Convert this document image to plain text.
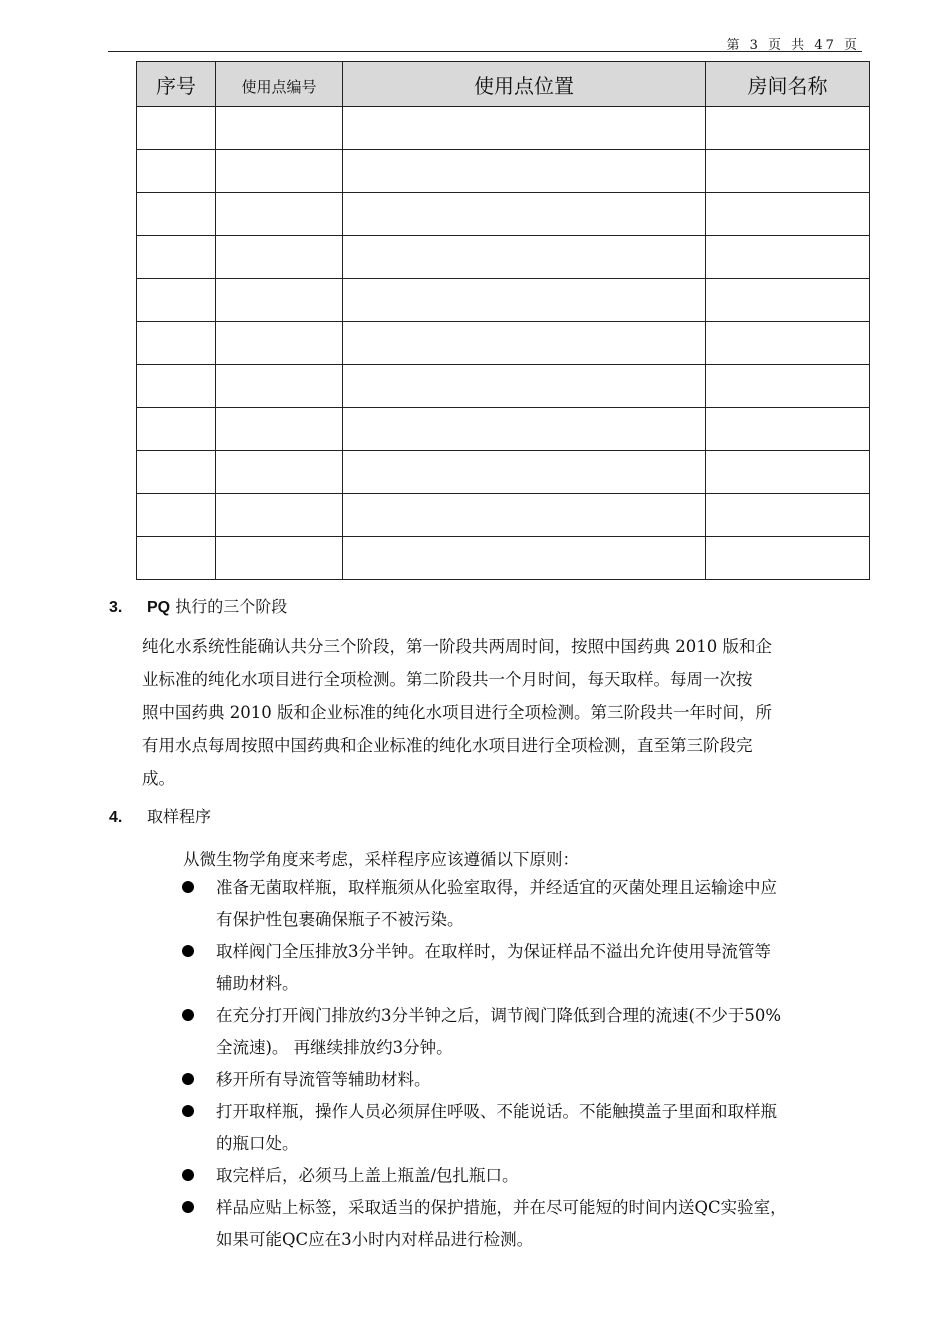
第 3 页 共 47 页
序号	使用点编号	使用点位置	房间名称

3. PQ 执行的三个阶段
纯化水系统性能确认共分三个阶段，第一阶段共两周时间，按照中国药典 2010 版和企
业标准的纯化水项目进行全项检测。第二阶段共一个月时间，每天取样。每周一次按
照中国药典 2010 版和企业标准的纯化水项目进行全项检测。第三阶段共一年时间，所
有用水点每周按照中国药典和企业标准的纯化水项目进行全项检测，直至第三阶段完
成。
4. 取样程序
从微生物学角度来考虑，采样程序应该遵循以下原则：
准备无菌取样瓶，取样瓶须从化验室取得，并经适宜的灭菌处理且运输途中应
有保护性包裹确保瓶子不被污染。
取样阀门全压排放3分半钟。在取样时，为保证样品不溢出允许使用导流管等
辅助材料。
在充分打开阀门排放约3分半钟之后，调节阀门降低到合理的流速(不少于50%
全流速)。 再继续排放约3分钟。
移开所有导流管等辅助材料。
打开取样瓶，操作人员必须屏住呼吸、不能说话。不能触摸盖子里面和取样瓶
的瓶口处。
取完样后，必须马上盖上瓶盖/包扎瓶口。
样品应贴上标签，采取适当的保护措施，并在尽可能短的时间内送QC实验室，
如果可能QC应在3小时内对样品进行检测。
